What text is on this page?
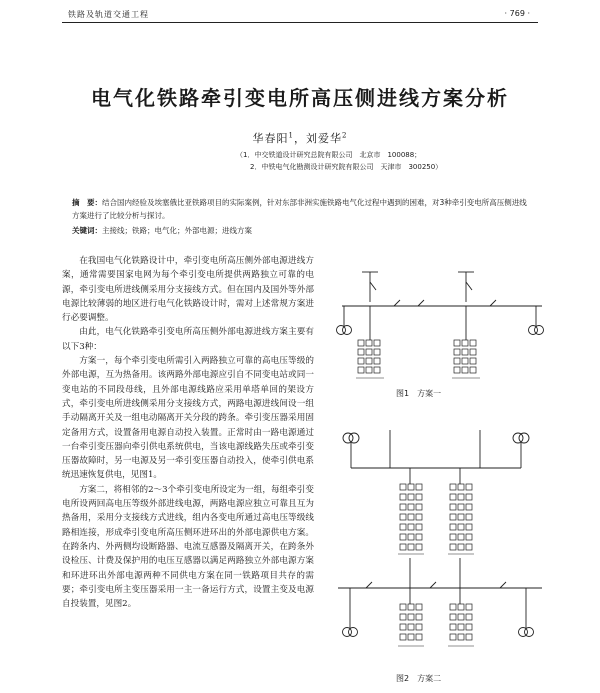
铁路及轨道交通工程	· 769 ·
电气化铁路牵引变电所高压侧进线方案分析
华春阳$^1$，刘爱华$^2$
（1．中交铁道设计研究总院有限公司　北京市　100088；
2．中铁电气化勘测设计研究院有限公司　天津市　300250）
摘　要：结合国内经验及埃塞俄比亚铁路项目的实际案例，针对东部非洲实施铁路电气化过程中遇到的困难，对3种牵引变电所高压侧进线方案进行了比较分析与探讨。
关键词：主接线；铁路；电气化；外部电源；进线方案

在我国电气化铁路设计中，牵引变电所高压侧外部电源进线方案，通常需要国家电网为每个牵引变电所提供两路独立可靠的电源，牵引变电所进线侧采用分支接线方式。但在国内及国外等外部电源比较薄弱的地区进行电气化铁路设计时，需对上述常规方案进行必要调整。

由此，电气化铁路牵引变电所高压侧外部电源进线方案主要有以下3种：

方案一，每个牵引变电所需引入两路独立可靠的高电压等级的外部电源，互为热备用。该两路外部电源应引自不同变电站或同一变电站的不同段母线，且外部电源线路应采用单塔单回的架设方式，牵引变电所进线侧采用分支接线方式，两路电源进线间设一组手动隔离开关及一组电动隔离开关分段的跨条。牵引变压器采用固定备用方式，设置备用电源自动投入装置。正常时由一路电源通过一台牵引变压器向牵引供电系统供电，当该电源线路失压或牵引变压器故障时，另一电源及另一牵引变压器自动投入，使牵引供电系统迅速恢复供电，见图1。

方案二，将相邻的2～3个牵引变电所设定为一组，每组牵引变电所设两回高电压等级外部进线电源，两路电源应独立可靠且互为热备用，采用分支接线方式进线，组内各变电所通过高电压等级线路相连接，形成牵引变电所高压侧环进环出的外部电源供电方案。在跨条内、外两侧均设断路器、电流互感器及隔离开关，在跨条外设检压、计费及保护用的电压互感器以满足两路独立外部电源方案和环进环出外部电源两种不同供电方案在同一铁路项目共存的需要；牵引变电所主变压器采用一主一备运行方式，设置主变及电源自投装置，见图2。

图1　方案一
图2　方案二
